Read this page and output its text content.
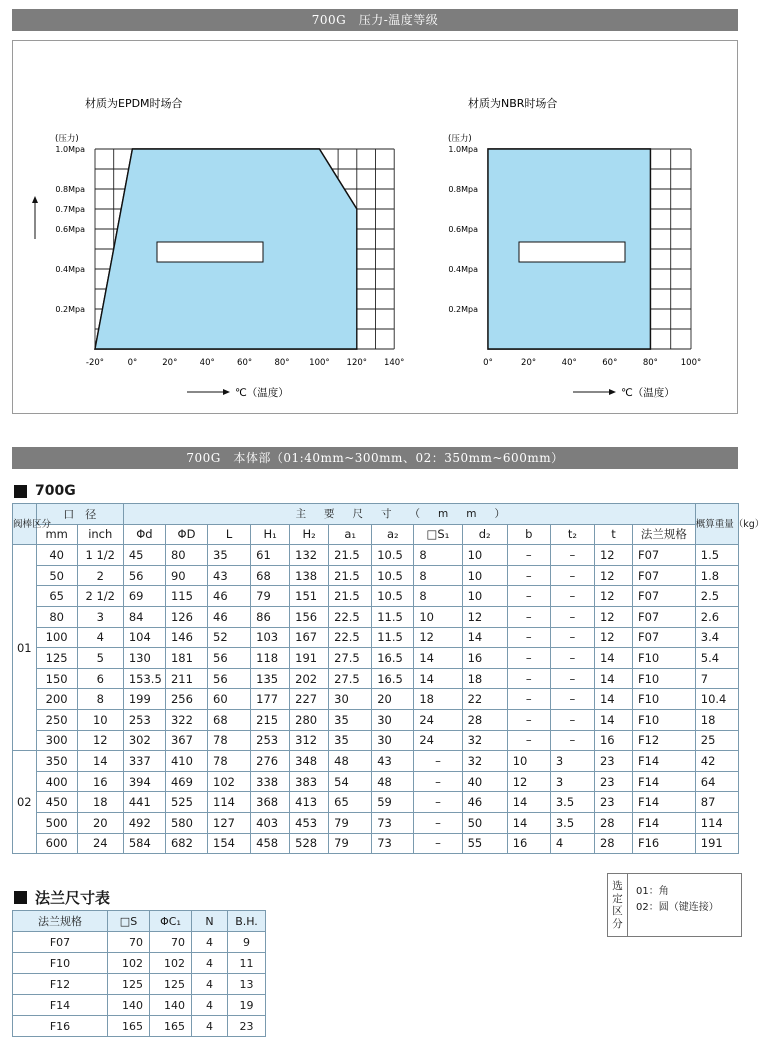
700G　压力-温度等级
材质为EPDM时场合
(压力)
1.0Mpa
0.8Mpa
0.7Mpa
0.6Mpa
0.4Mpa
0.2Mpa
-20°	0°	20°	40°	60°	80° 100° 120° 140°
℃（温度）
材质为NBR时场合
(压力)
1.0Mpa
0.8Mpa
0.6Mpa
0.4Mpa
0.2Mpa
0°	20°	40°	60°	80°	100°
℃（温度）
700G　本体部（01:40mm~300mm、02：350mm~600mm）
700G
阀棒区分	口　径		主要尺寸（mm）													概算重量（kg）
	mm	inch	Φd	ΦD	L	H₁	H₂	a₁	a₂	□S₁	d₂	b	t₂	t	法兰规格	
01	40	1 1/2	45	80	35	61	132	21.5	10.5	8	10	–	–	12	F07	1.5
	50	2	56	90	43	68	138	21.5	10.5	8	10	–	–	12	F07	1.8
	65	2 1/2	69	115	46	79	151	21.5	10.5	8	10	–	–	12	F07	2.5
	80	3	84	126	46	86	156	22.5	11.5	10	12	–	–	12	F07	2.6
	100	4	104	146	52	103	167	22.5	11.5	12	14	–	–	12	F07	3.4
	125	5	130	181	56	118	191	27.5	16.5	14	16	–	–	14	F10	5.4
	150	6	153.5	211	56	135	202	27.5	16.5	14	18	–	–	14	F10	7
	200	8	199	256	60	177	227	30	20	18	22	–	–	14	F10	10.4
	250	10	253	322	68	215	280	35	30	24	28	–	–	14	F10	18
	300	12	302	367	78	253	312	35	30	24	32	–	–	16	F12	25
02	350	14	337	410	78	276	348	48	43	–	32	10	3	23	F14	42
	400	16	394	469	102	338	383	54	48	–	40	12	3	23	F14	64
	450	18	441	525	114	368	413	65	59	–	46	14	3.5	23	F14	87
	500	20	492	580	127	403	453	79	73	–	50	14	3.5	28	F14	114
	600	24	584	682	154	458	528	79	73	–	55	16	4	28	F16	191
法兰尺寸表
法兰规格	□S	ΦC₁	N	B.H.
F07	70	70	4	9
F10	102	102	4	11
F12	125	125	4	13
F14	140	140	4	19
F16	165	165	4	23
选
定
区
分
01：角
02：圆（键连接）
